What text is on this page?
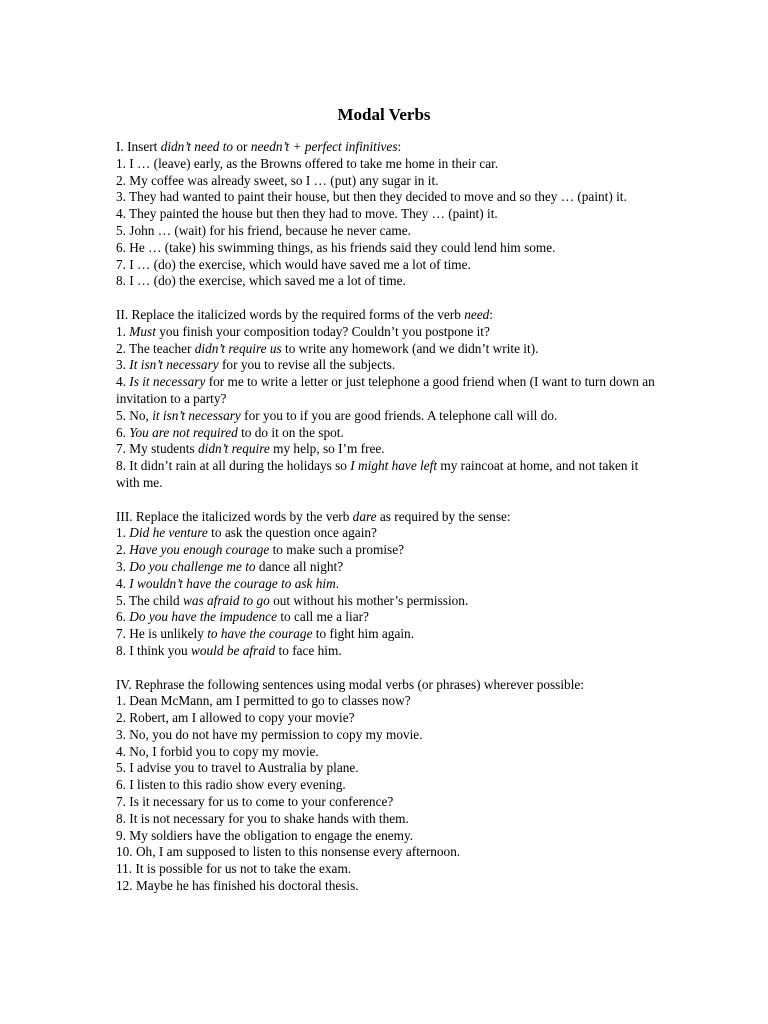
Modal Verbs
I. Insert didn’t need to or needn’t + perfect infinitives:
1. I … (leave) early, as the Browns offered to take me home in their car.
2. My coffee was already sweet, so I … (put) any sugar in it.
3. They had wanted to paint their house, but then they decided to move and so they … (paint) it.
4. They painted the house but then they had to move. They … (paint) it.
5. John … (wait) for his friend, because he never came.
6. He … (take) his swimming things, as his friends said they could lend him some.
7. I … (do) the exercise, which would have saved me a lot of time.
8. I … (do) the exercise, which saved me a lot of time.
II. Replace the italicized words by the required forms of the verb need:
1. Must you finish your composition today? Couldn’t you postpone it?
2. The teacher didn’t require us to write any homework (and we didn’t write it).
3. It isn’t necessary for you to revise all the subjects.
4. Is it necessary for me to write a letter or just telephone a good friend when (I want to turn down an invitation to a party?
5. No, it isn’t necessary for you to if you are good friends. A telephone call will do.
6. You are not required to do it on the spot.
7. My students didn’t require my help, so I’m free.
8. It didn’t rain at all during the holidays so I might have left my raincoat at home, and not taken it with me.
III. Replace the italicized words by the verb dare as required by the sense:
1. Did he venture to ask the question once again?
2. Have you enough courage to make such a promise?
3. Do you challenge me to dance all night?
4. I wouldn’t have the courage to ask him.
5. The child was afraid to go out without his mother’s permission.
6. Do you have the impudence to call me a liar?
7. He is unlikely to have the courage to fight him again.
8. I think you would be afraid to face him.
IV. Rephrase the following sentences using modal verbs (or phrases) wherever possible:
1. Dean McMann, am I permitted to go to classes now?
2. Robert, am I allowed to copy your movie?
3. No, you do not have my permission to copy my movie.
4. No, I forbid you to copy my movie.
5. I advise you to travel to Australia by plane.
6. I listen to this radio show every evening.
7. Is it necessary for us to come to your conference?
8. It is not necessary for you to shake hands with them.
9. My soldiers have the obligation to engage the enemy.
10. Oh, I am supposed to listen to this nonsense every afternoon.
11. It is possible for us not to take the exam.
12. Maybe he has finished his doctoral thesis.
